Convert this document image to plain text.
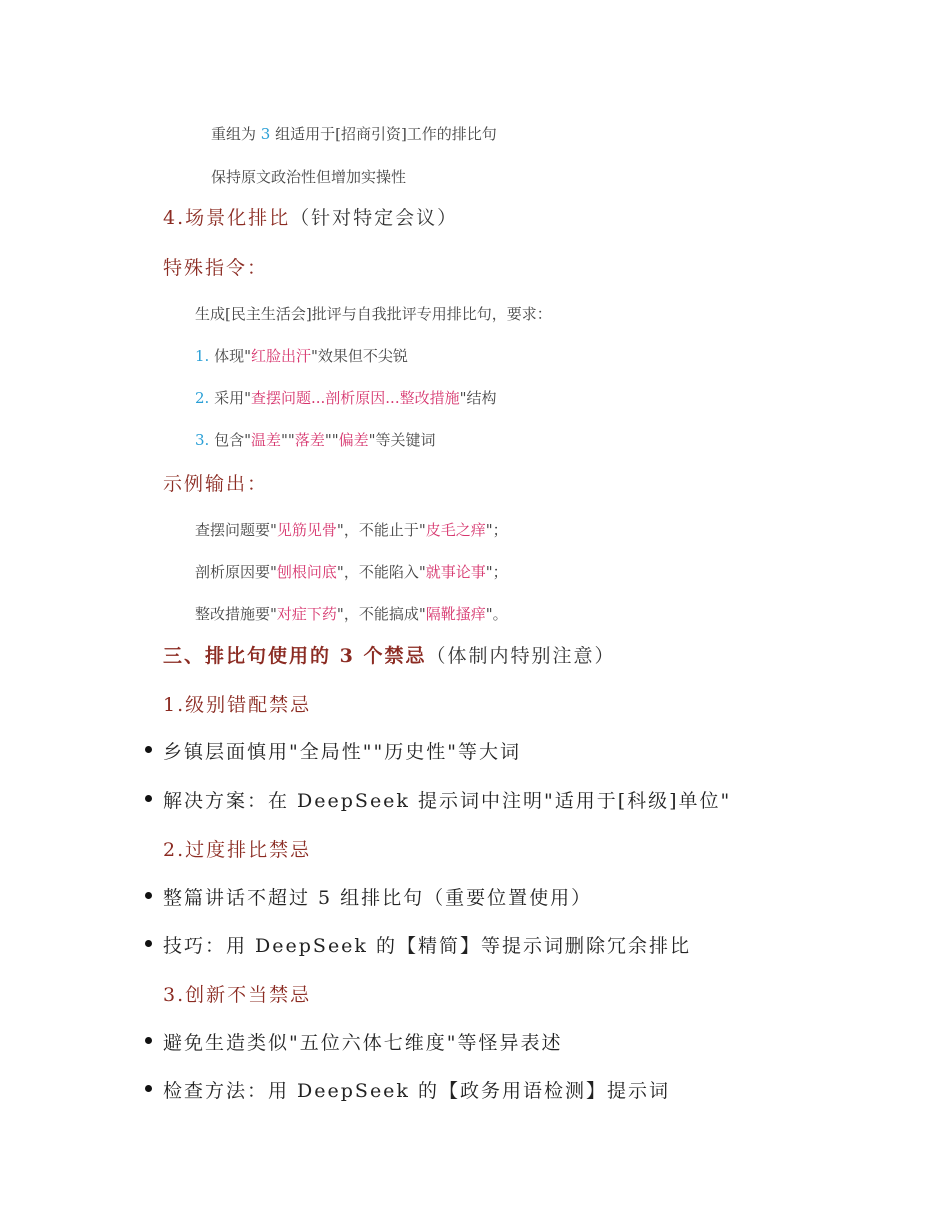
重组为 3 组适用于[招商引资]工作的排比句
保持原文政治性但增加实操性
4.场景化排比（针对特定会议）
特殊指令：
生成[民主生活会]批评与自我批评专用排比句，要求：
1. 体现"红脸出汗"效果但不尖锐
2. 采用"查摆问题...剖析原因...整改措施"结构
3. 包含"温差""落差""偏差"等关键词
示例输出：
查摆问题要"见筋见骨"，不能止于"皮毛之痒"；
剖析原因要"刨根问底"，不能陷入"就事论事"；
整改措施要"对症下药"，不能搞成"隔靴搔痒"。
三、排比句使用的 3 个禁忌（体制内特别注意）
1.级别错配禁忌
乡镇层面慎用"全局性""历史性"等大词
解决方案：在 DeepSeek 提示词中注明"适用于[科级]单位"
2.过度排比禁忌
整篇讲话不超过 5 组排比句（重要位置使用）
技巧：用 DeepSeek 的【精简】等提示词删除冗余排比
3.创新不当禁忌
避免生造类似"五位六体七维度"等怪异表述
检查方法：用 DeepSeek 的【政务用语检测】提示词
